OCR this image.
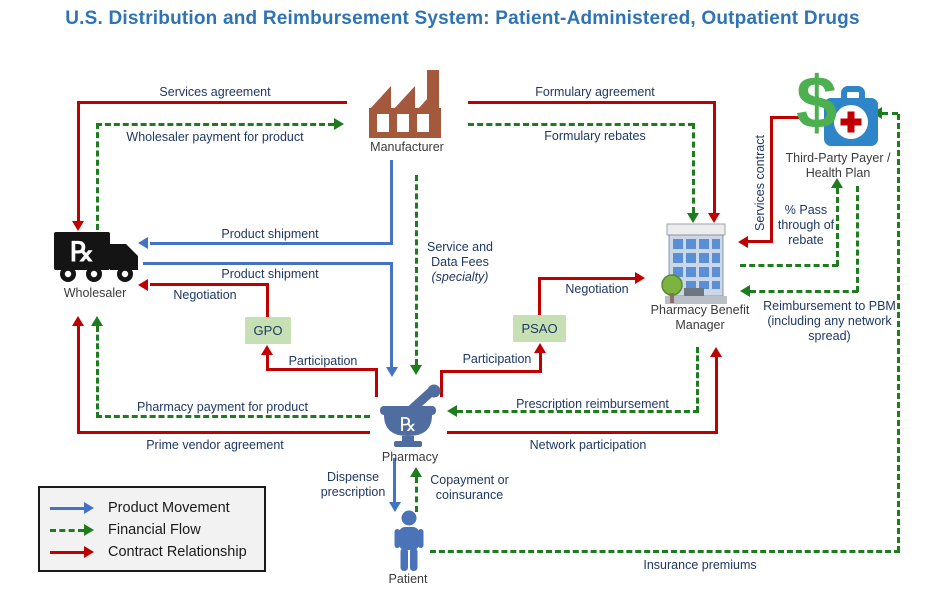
U.S. Distribution and Reimbursement System: Patient-Administered, Outpatient Drugs
Services agreement	Formulary agreement
Services contract
Negotiation
Participation
Negotiation
Participation
Prime vendor agreement	Network participation
Wholesaler payment for product	Formulary rebates
Service and Data Fees
(specialty)
% Pass through of rebate
Reimbursement to PBM (including any network spread)
Prescription reimbursement
Pharmacy payment for product
Copayment or coinsurance
Insurance premiums
Product shipment
Product shipment
Dispense prescription
Manufacturer
℞
Wholesaler
$
Third-Party Payer / Health Plan
Pharmacy Benefit Manager
GPO	PSAO
℞
Pharmacy
Patient
Product Movement
Financial Flow
Contract Relationship
